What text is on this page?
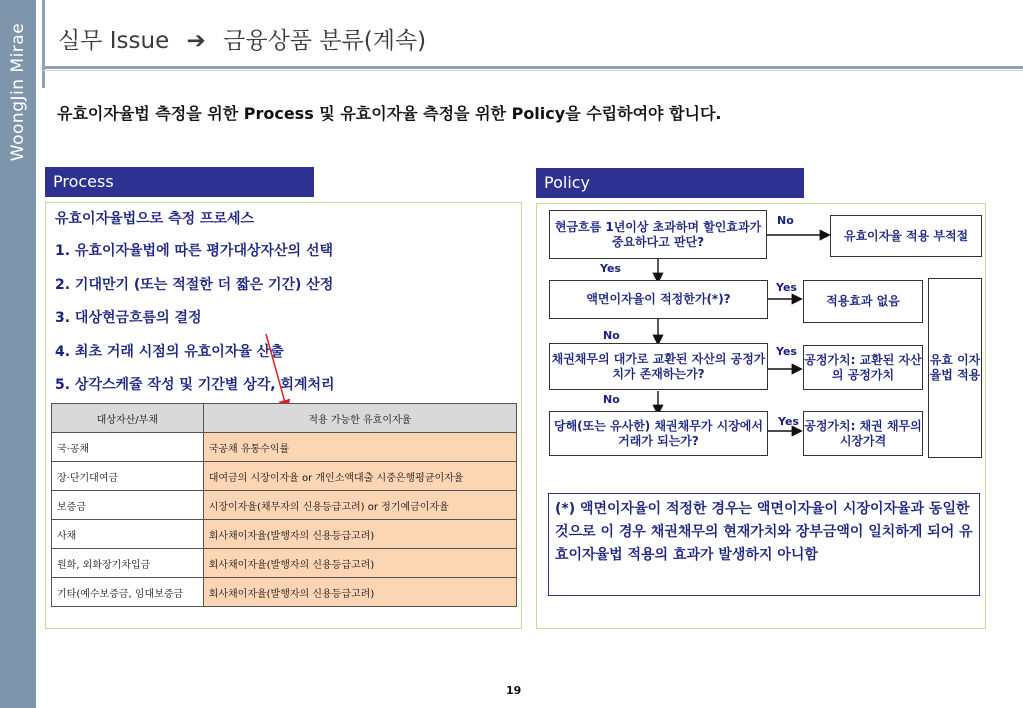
WoongJin Mirae 실무 Issue ➔ 금융상품 분류(계속)
유효이자율법 측정을 위한 Process 및 유효이자율 측정을 위한 Policy을 수립하여야 합니다.
Process
유효이자율법으로 측정 프로세스
1. 유효이자율법에 따른 평가대상자산의 선택
2. 기대만기 (또는 적절한 더 짧은 기간) 산정
3. 대상현금흐름의 결정
4. 최초 거래 시점의 유효이자율 산출
5. 상각스케쥴 작성 및 기간별 상각, 회계처리
대상자산/부채	적용 가능한 유효이자율
국·공채	국공채 유통수익률
장·단기대여금	대여금의 시장이자율 or 개인소액대출 시중은행평균이자율
보증금	시장이자율(채무자의 신용등급고려) or 정기예금이자율
사채	회사채이자율(발행자의 신용등급고려)
원화, 외화장기차입금	회사채이자율(발행자의 신용등급고려)
기타(예수보증금, 임대보증금	회사채이자율(발행자의 신용등급고려)
Policy
현금흐름 1년이상 초과하며 할인효과가 중요하다고 판단?
액면이자율이 적정한가(*)?
채권채무의 대가로 교환된 자산의 공정가치가 존재하는가?
당해(또는 유사한) 채권채무가 시장에서 거래가 되는가?
유효이자율 적용 부적절
적용효과 없음
공정가치: 교환된 자산의 공정가치
공정가치: 채권 채무의 시장가격
유효 이자율법 적용
No
Yes
Yes
No
Yes
No
Yes
(*) 액면이자율이 적정한 경우는 액면이자율이 시장이자율과 동일한 것으로 이 경우 채권채무의 현재가치와 장부금액이 일치하게 되어 유효이자율법 적용의 효과가 발생하지 아니함
19
